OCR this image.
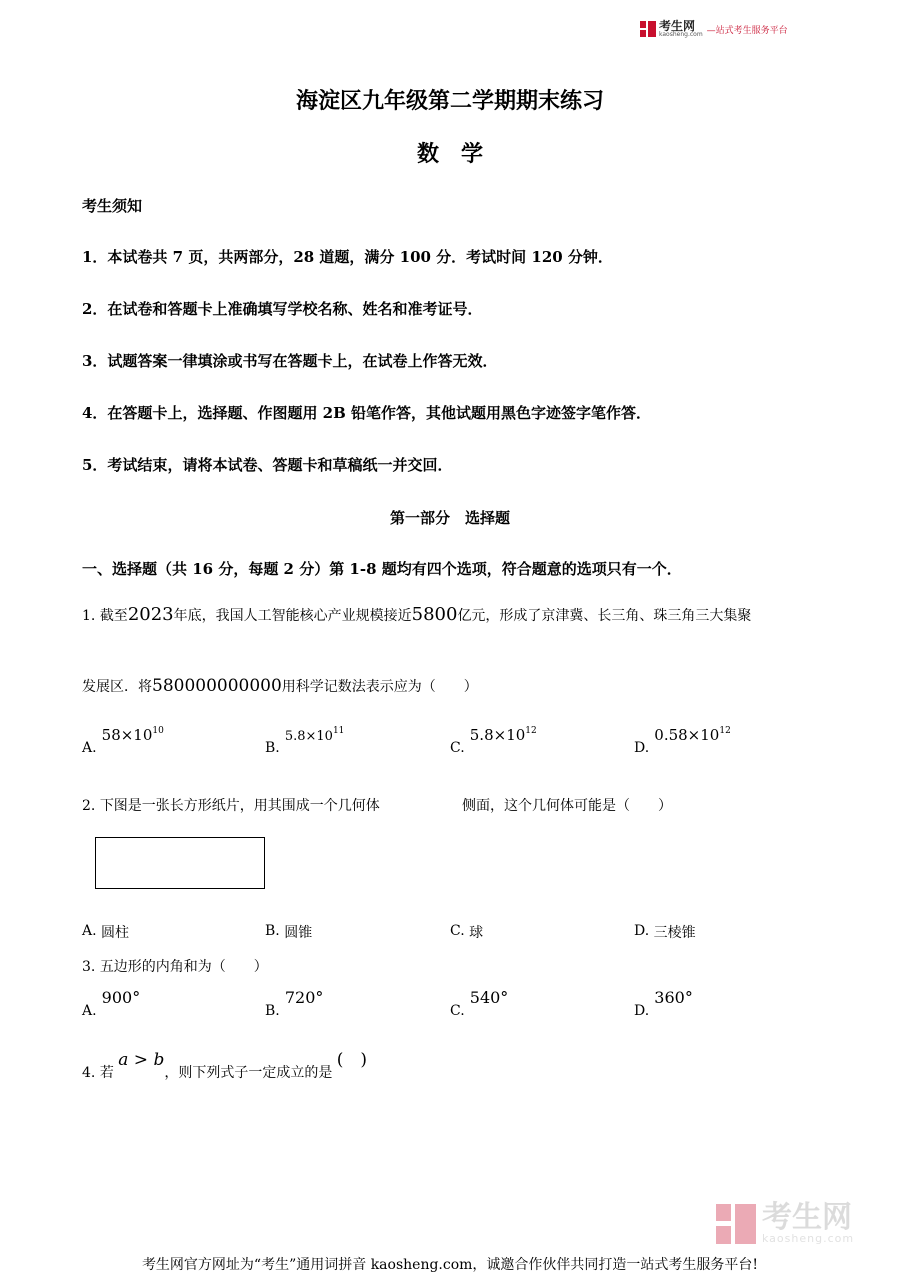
考生网
kaosheng.com —站式考生服务平台
海淀区九年级第二学期期末练习
数　学
考生须知
1．本试卷共 7 页，共两部分，28 道题，满分 100 分．考试时间 120 分钟．
2．在试卷和答题卡上准确填写学校名称、姓名和准考证号．
3．试题答案一律填涂或书写在答题卡上，在试卷上作答无效．
4．在答题卡上，选择题、作图题用 2B 铅笔作答，其他试题用黑色字迹签字笔作答．
5．考试结束，请将本试卷、答题卡和草稿纸一并交回．
第一部分　选择题
一、选择题（共 16 分，每题 2 分）第 1-8 题均有四个选项，符合题意的选项只有一个．
1. 截至2023年底，我国人工智能核心产业规模接近5800亿元，形成了京津冀、长三角、珠三角三大集聚
发展区．将580000000000用科学记数法表示应为（　　）
A. $58\times 10^{10}$
B. $5.8\times 10^{11}$
C. $5.8\times 10^{12}$
D. $0.58\times 10^{12}$
2. 下图是一张长方形纸片，用其围成一个几何体	侧面，这个几何体可能是（　　）
A. 圆柱	B. 圆锥	C. 球	D. 三棱锥
3. 五边形的内角和为（　　）
A. 900°
B. 720°
C. 540°
D. 360°
4. 若 a > b，则下列式子一定成立的是 (　)
考生网
kaosheng.com
考生网官方网址为“考生”通用词拼音 kaosheng.com，诚邀合作伙伴共同打造一站式考生服务平台!
